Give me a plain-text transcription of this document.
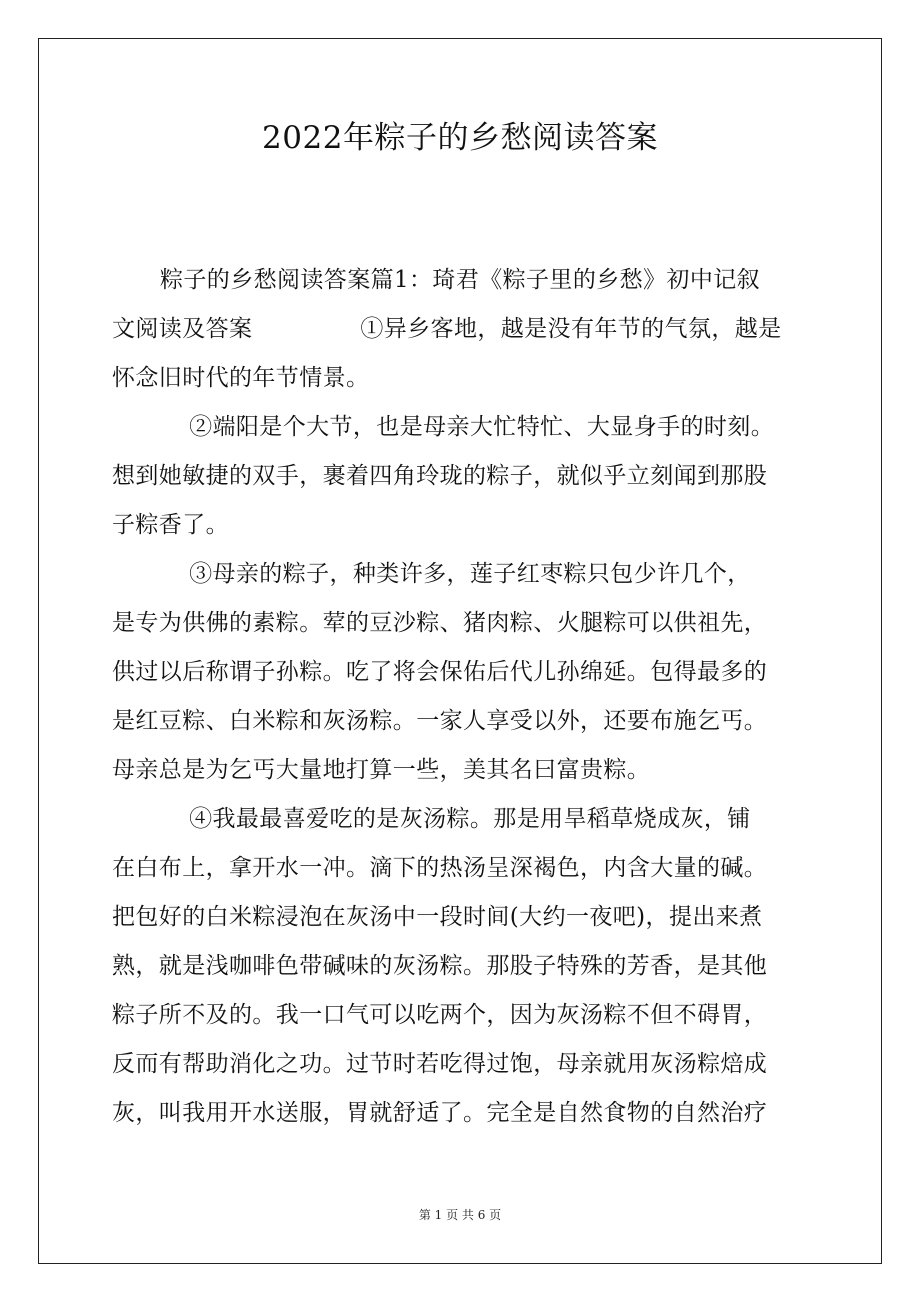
2022年粽子的乡愁阅读答案
粽子的乡愁阅读答案篇1：琦君《粽子里的乡愁》初中记叙
文阅读及答案              ①异乡客地，越是没有年节的气氛，越是
怀念旧时代的年节情景。
②端阳是个大节，也是母亲大忙特忙、大显身手的时刻。
想到她敏捷的双手，裹着四角玲珑的粽子，就似乎立刻闻到那股
子粽香了。
③母亲的粽子，种类许多，莲子红枣粽只包少许几个，
是专为供佛的素粽。荤的豆沙粽、猪肉粽、火腿粽可以供祖先，
供过以后称谓子孙粽。吃了将会保佑后代儿孙绵延。包得最多的
是红豆粽、白米粽和灰汤粽。一家人享受以外，还要布施乞丐。
母亲总是为乞丐大量地打算一些，美其名曰富贵粽。
④我最最喜爱吃的是灰汤粽。那是用旱稻草烧成灰，铺
在白布上，拿开水一冲。滴下的热汤呈深褐色，内含大量的碱。
把包好的白米粽浸泡在灰汤中一段时间(大约一夜吧)，提出来煮
熟，就是浅咖啡色带碱味的灰汤粽。那股子特殊的芳香，是其他
粽子所不及的。我一口气可以吃两个，因为灰汤粽不但不碍胃，
反而有帮助消化之功。过节时若吃得过饱，母亲就用灰汤粽焙成
灰，叫我用开水送服，胃就舒适了。完全是自然食物的自然治疗
第 1 页 共 6 页
